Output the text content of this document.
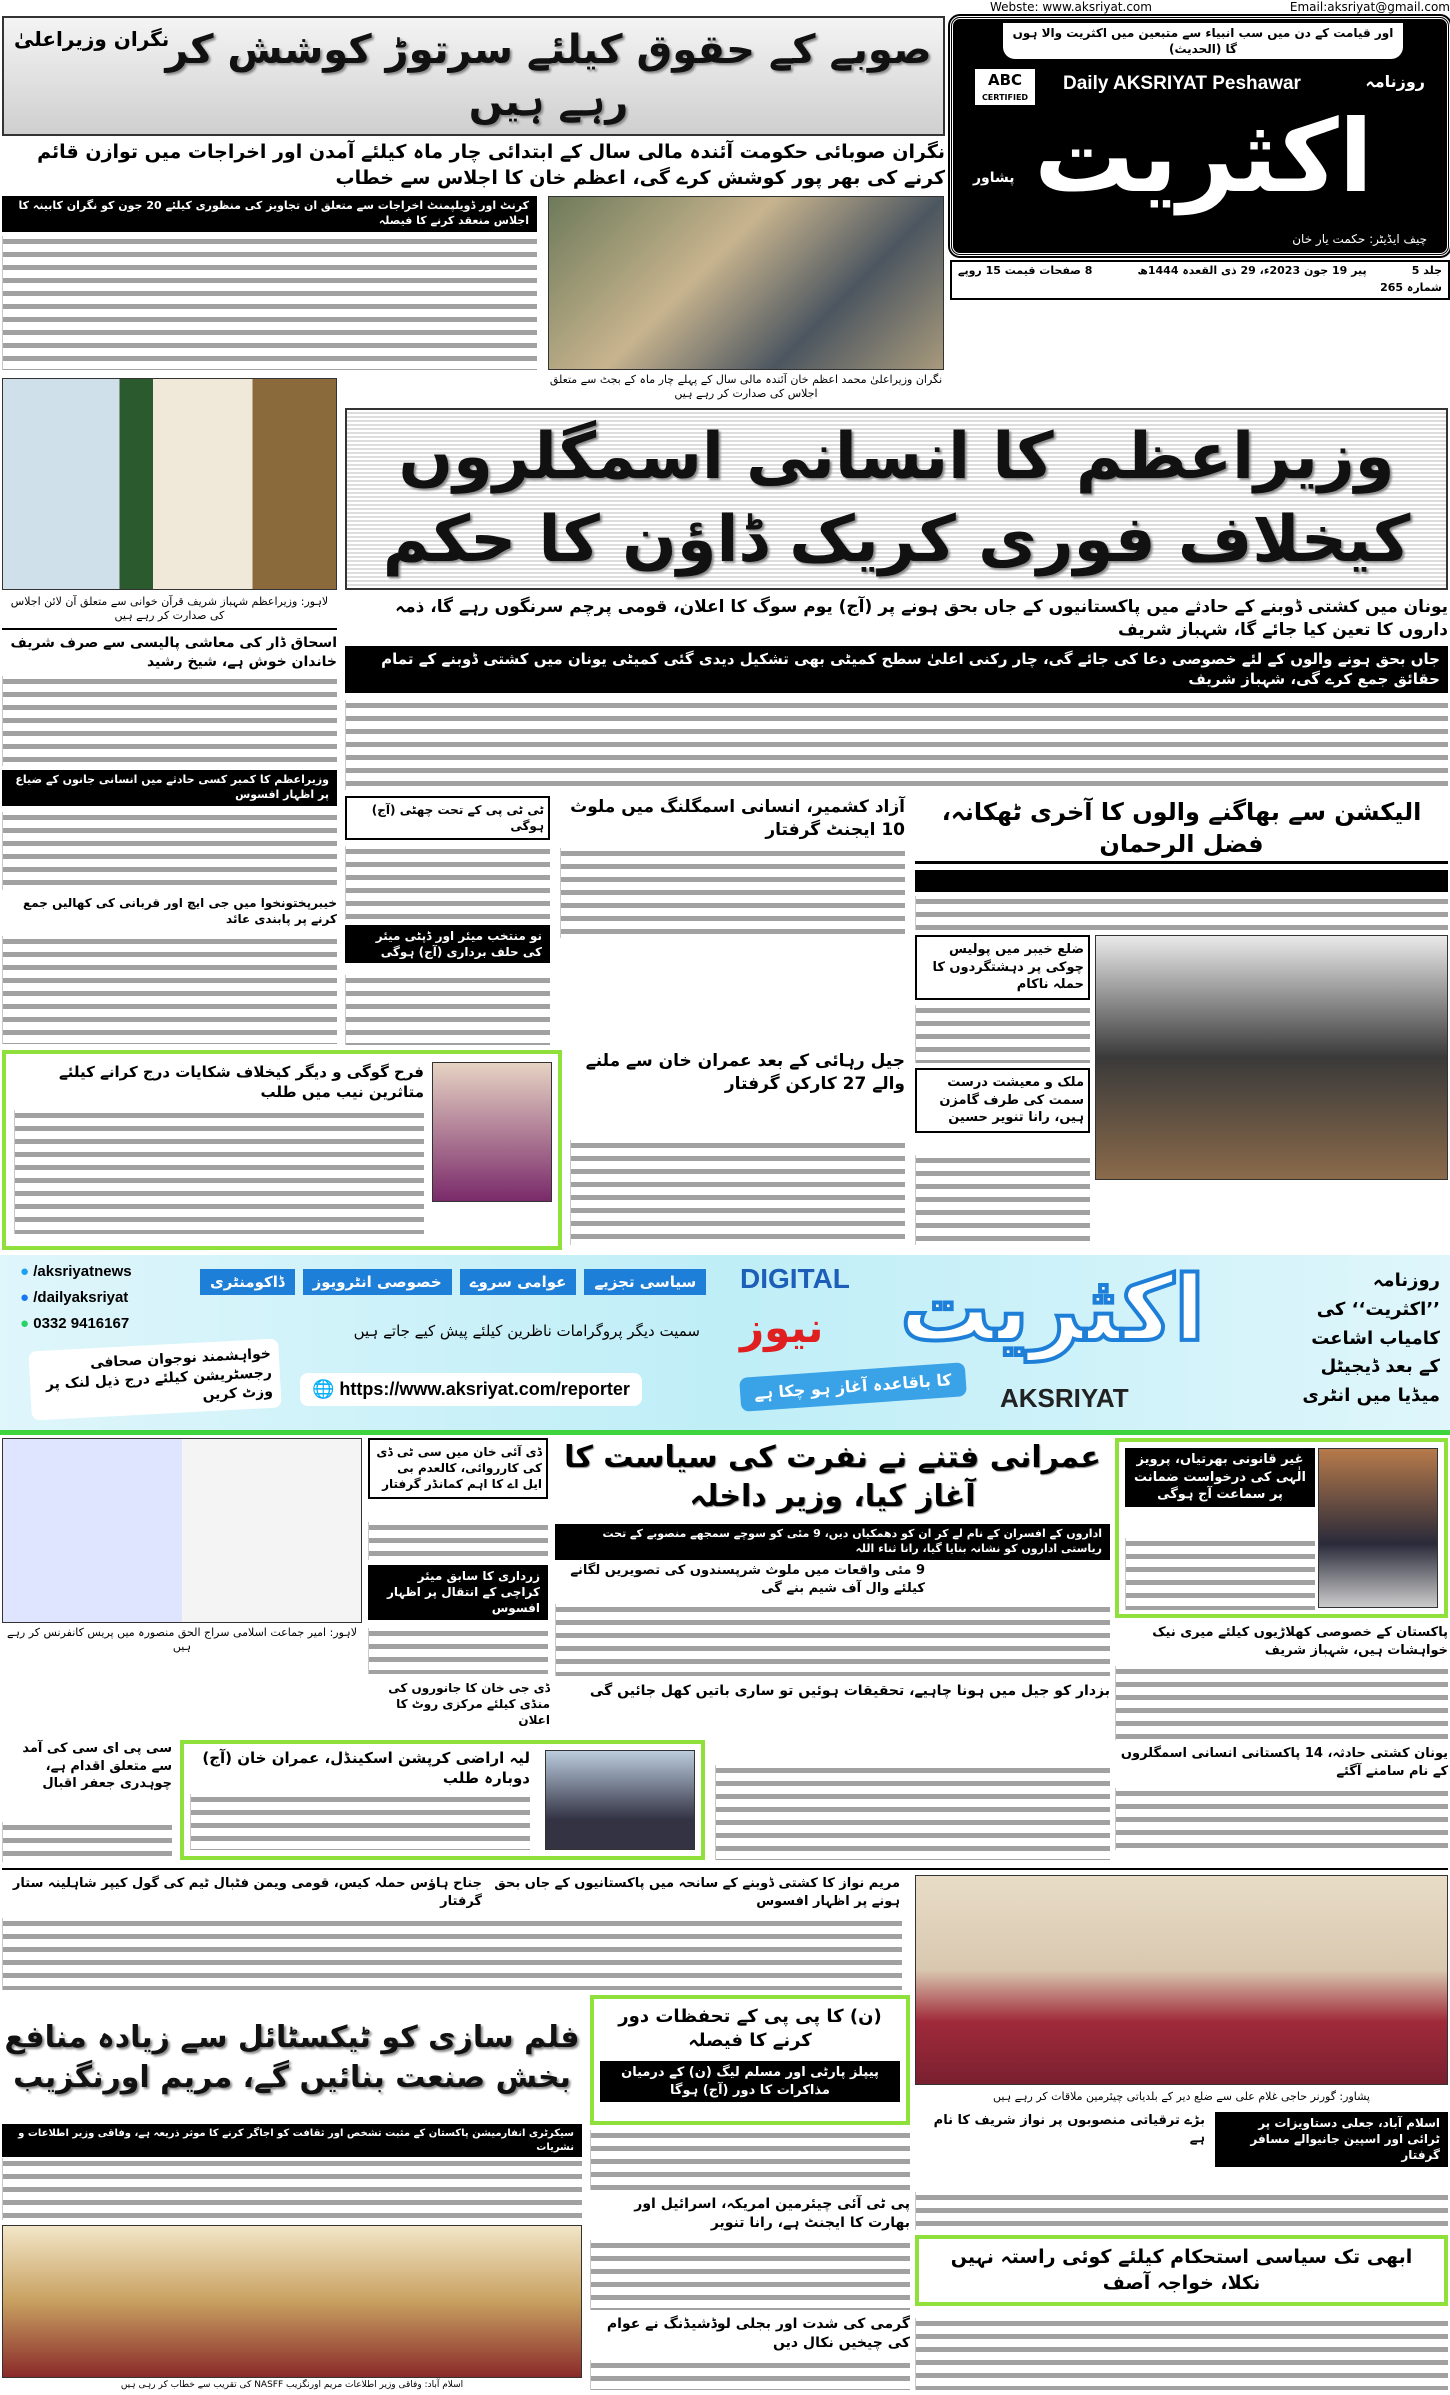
Webste: www.aksriyat.com	Email:aksriyat@gmail.com
اور قیامت کے دن میں سب انبیاء سے متبعین میں اکثریت والا ہوں گا (الحدیث)
ABC
CERTIFIED
Daily AKSRIYAT Peshawar	روزنامہ
اکثریت
پشاور
چیف ایڈیٹر: حکمت یار خان
جلد 5
پیر 19 جون 2023ء، 29 ذی القعدہ 1444ھ
8 صفحات قیمت 15 روپے
شمارہ 265
صوبے کے حقوق کیلئے سرتوڑ کوشش کر رہے ہیں
نگران وزیراعلیٰ
نگران صوبائی حکومت آئندہ مالی سال کے ابتدائی چار ماہ کیلئے آمدن اور اخراجات میں توازن قائم کرنے کی بھر پور کوشش کرے گی، اعظم خان کا اجلاس سے خطاب
کرنٹ اور ڈویلپمنٹ اخراجات سے متعلق ان تجاویز کی منظوری کیلئے 20 جون کو نگران کابینہ کا اجلاس منعقد کرنے کا فیصلہ
نگران وزیراعلیٰ محمد اعظم خان آئندہ مالی سال کے پہلے چار ماہ کے بجٹ سے متعلق اجلاس کی صدارت کر رہے ہیں
لاہور: وزیراعظم شہباز شریف قرآن خوانی سے متعلق آن لائن اجلاس کی صدارت کر رہے ہیں
وزیراعظم کا انسانی اسمگلروں کیخلاف فوری کریک ڈاؤن کا حکم
یونان میں کشتی ڈوبنے کے حادثے میں پاکستانیوں کے جاں بحق ہونے پر (آج) یوم سوگ کا اعلان، قومی پرچم سرنگوں رہے گا، ذمہ داروں کا تعین کیا جائے گا، شہباز شریف
جاں بحق ہونے والوں کے لئے خصوصی دعا کی جائے گی، چار رکنی اعلیٰ سطح کمیٹی بھی تشکیل دیدی گئی کمیٹی یونان میں کشتی ڈوبنے کے تمام حقائق جمع کرے گی، شہباز شریف
اسحاق ڈار کی معاشی پالیسی سے صرف شریف خاندان خوش ہے، شیخ رشید
وزیراعظم کا کمبر کسی حادثے میں انسانی جانوں کے ضیاع پر اظہار افسوس
خیبرپختونخوا میں جی ایچ اور قربانی کی کھالیں جمع کرنے پر پابندی عائد
فرح گوگی و دیگر کیخلاف شکایات درج کرانے کیلئے متاثرین نیب میں طلب
الیکشن سے بھاگنے والوں کا آخری ٹھکانہ، فضل الرحمان
آزاد کشمیر، انسانی اسمگلنگ میں ملوث 10 ایجنٹ گرفتار
ٹی ٹی پی کے تحت چھٹی (آج) ہوگی
نو منتخب میئر اور ڈپٹی میئر کی حلف برداری (آج) ہوگی
جیل رہائی کے بعد عمران خان سے ملنے والے 27 کارکن گرفتار
ضلع خیبر میں پولیس چوکی پر دہشتگردوں کا حملہ ناکام
ملک و معیشت درست سمت کی طرف گامزن ہیں، رانا تنویر حسین
روزنامہ ’’اکثریت‘‘ کی کامیاب اشاعت کے بعد ڈیجیٹل میڈیا میں انٹری
DIGITAL اکثریت
نیوز
AKSRIYAT
کا باقاعدہ آغاز ہو چکا ہے
سیاسی تجزیے
عوامی سروے
خصوصی انٹرویوز
ڈاکومنٹری
سمیت دیگر پروگرامات ناظرین کیلئے پیش کیے جاتے ہیں
🌐 https://www.aksriyat.com/reporter
خواہشمند نوجوان صحافی رجسٹریشن کیلئے درج ذیل لنک پر وزٹ کریں
● /aksriyatnews
● /dailyaksriyat
● 0332 9416167
لاہور: امیر جماعت اسلامی سراج الحق منصورہ میں پریس کانفرنس کر رہے ہیں
ڈی آئی خان میں سی ٹی ڈی کی کارروائی، کالعدم بی ایل اے کا اہم کمانڈر گرفتار
زرداری کا سابق میئر کراچی کے انتقال پر اظہار افسوس
ڈی جی خان کا جانوروں کی منڈی کیلئے مرکزی روٹ کا اعلان
عمرانی فتنے نے نفرت کی سیاست کا آغاز کیا، وزیر داخلہ
اداروں کے افسران کے نام لے کر ان کو دھمکیاں دیں، 9 مئی کو سوچے سمجھے منصوبے کے تحت ریاستی اداروں کو نشانہ بنایا گیا، رانا ثناء اللہ
9 مئی واقعات میں ملوث شرپسندوں کی تصویریں لگانے کیلئے وال آف شیم بنے گی
غیر قانونی بھرتیاں، پرویز الٰہی کی درخواست ضمانت پر سماعت آج ہوگی
پاکستان کے خصوصی کھلاڑیوں کیلئے میری نیک خواہشات ہیں، شہباز شریف
یونان کشتی حادثہ، 14 پاکستانی انسانی اسمگلروں کے نام سامنے آگئے
بزدار کو جیل میں ہونا چاہیے، تحقیقات ہوئیں تو ساری باتیں کھل جائیں گی
لیہ اراضی کرپشن اسکینڈل، عمران خان (آج) دوبارہ طلب
سی پی ای سی کی آمد سے متعلق اقدام ہے، چوہدری جعفر اقبال
جناح ہاؤس حملہ کیس، قومی ویمن فٹبال ٹیم کی گول کیپر شاہلینہ ستار گرفتار
مریم نواز کا کشتی ڈوبنے کے سانحہ میں پاکستانیوں کے جاں بحق ہونے پر اظہار افسوس
پشاور: گورنر حاجی غلام علی سے ضلع دیر کے بلدیاتی چیئرمین ملاقات کر رہے ہیں
فلم سازی کو ٹیکسٹائل سے زیادہ منافع بخش صنعت بنائیں گے، مریم اورنگزیب
سیکرٹری انفارمیشن پاکستان کے مثبت تشخص اور ثقافت کو اجاگر کرنے کا موثر ذریعہ ہے، وفاقی وزیر اطلاعات و نشریات
اسلام آباد: وفاقی وزیر اطلاعات مریم اورنگزیب NASFF کی تقریب سے خطاب کر رہی ہیں
(ن) کا پی پی کے تحفظات دور کرنے کا فیصلہ
پیپلز پارٹی اور مسلم لیگ (ن) کے درمیان مذاکرات کا دور (آج) ہوگا
پی ٹی آئی چیئرمین امریکہ، اسرائیل اور بھارت کا ایجنٹ ہے، رانا تنویر
گرمی کی شدت اور بجلی لوڈشیڈنگ نے عوام کی چیخیں نکال دیں
اسلام آباد، جعلی دستاویزات پر ٹرائی اور اسپین جانیوالے مسافر گرفتار
بڑے ترقیاتی منصوبوں پر نواز شریف کا نام ہے
ابھی تک سیاسی استحکام کیلئے کوئی راستہ نہیں نکلا، خواجہ آصف
